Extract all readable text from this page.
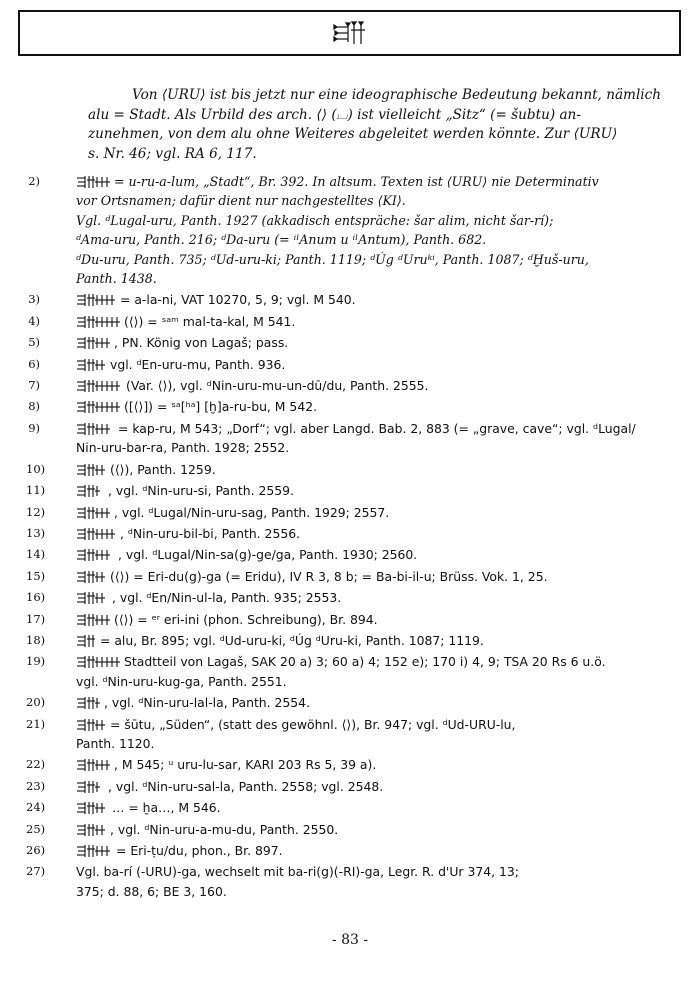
Von ⟨URU⟩ ist bis jetzt nur eine ideographische Bedeutung bekannt, nämlich

alu = Stadt. Als Urbild des arch. ⟨⟩ (⌴) ist vielleicht „Sitz“ (= šubtu) an-

zunehmen, von dem alu ohne Weiteres abgeleitet werden könnte. Zur ⟨URU⟩

s. Nr. 46; vgl. RA 6, 117.

2)	= u-ru-a-lum, „Stadt“, Br. 392. In altsum. Texten ist ⟨URU⟩ nie Determinativ
vor Ortsnamen; dafür dient nur nachgestelltes ⟨KI⟩.
Vgl. ᵈLugal-uru, Panth. 1927 (akkadisch entspräche: šar alim, nicht šar-rí);
ᵈAma-uru, Panth. 216; ᵈDa-uru (= ⁱˡAnum u ⁱˡAntum), Panth. 682.
ᵈDu-uru, Panth. 735; ᵈUd-uru-ki; Panth. 1119; ᵈÚg ᵈUruᵏⁱ, Panth. 1087; ᵈḪuš-uru,
Panth. 1438.
3)	= a-la-ni, VAT 10270, 5, 9; vgl. M 540.
4)	(⟨⟩) = ˢᵃᵐ mal-ta-kal, M 541.
5)	, PN. König von Lagaš; pass.
6)	vgl. ᵈEn-uru-mu, Panth. 936.
7)	(Var. ⟨⟩), vgl. ᵈNin-uru-mu-un-dū/du, Panth. 2555.
8)	([⟨⟩]) = ˢᵃ[ʰᵃ] [ḫ]a-ru-bu, M 542.
9)	= kap-ru, M 543; „Dorf“; vgl. aber Langd. Bab. 2, 883 (= „grave, cave“; vgl. ᵈLugal/
Nin-uru-bar-ra, Panth. 1928; 2552.
10)	(⟨⟩), Panth. 1259.
11)	, vgl. ᵈNin-uru-si, Panth. 2559.
12)	, vgl. ᵈLugal/Nin-uru-sag, Panth. 1929; 2557.
13)	, ᵈNin-uru-bil-bi, Panth. 2556.
14)	, vgl. ᵈLugal/Nin-sa(g)-ge/ga, Panth. 1930; 2560.
15)	(⟨⟩) = Eri-du(g)-ga (= Eridu), IV R 3, 8 b; = Ba-bi-il-u; Brüss. Vok. 1, 25.
16)	, vgl. ᵈEn/Nin-ul-la, Panth. 935; 2553.
17)	(⟨⟩) = ᵉʳ eri-ini (phon. Schreibung), Br. 894.
18)	= alu, Br. 895; vgl. ᵈUd-uru-ki, ᵈÚg ᵈUru-ki, Panth. 1087; 1119.
19)	Stadtteil von Lagaš, SAK 20 a) 3; 60 a) 4; 152 e); 170 i) 4, 9; TSA 20 Rs 6 u.ö.
vgl. ᵈNin-uru-kug-ga, Panth. 2551.
20)	, vgl. ᵈNin-uru-lal-la, Panth. 2554.
21)	= šūtu, „Süden“, (statt des gewöhnl. ⟨⟩), Br. 947; vgl. ᵈUd-URU-lu,
Panth. 1120.
22)	, M 545; ᵘ uru-lu-sar, KARI 203 Rs 5, 39 a).
23)	, vgl. ᵈNin-uru-sal-la, Panth. 2558; vgl. 2548.
24)	… = ḫa…, M 546.
25)	, vgl. ᵈNin-uru-a-mu-du, Panth. 2550.
26)	= Eri-ṭu/du, phon., Br. 897.
27) Vgl. ba-rí (-URU)-ga, wechselt mit ba-ri(g)(-RI)-ga, Legr. R. d'Ur 374, 13;
375; d. 88, 6; BE 3, 160.
- 83 -
